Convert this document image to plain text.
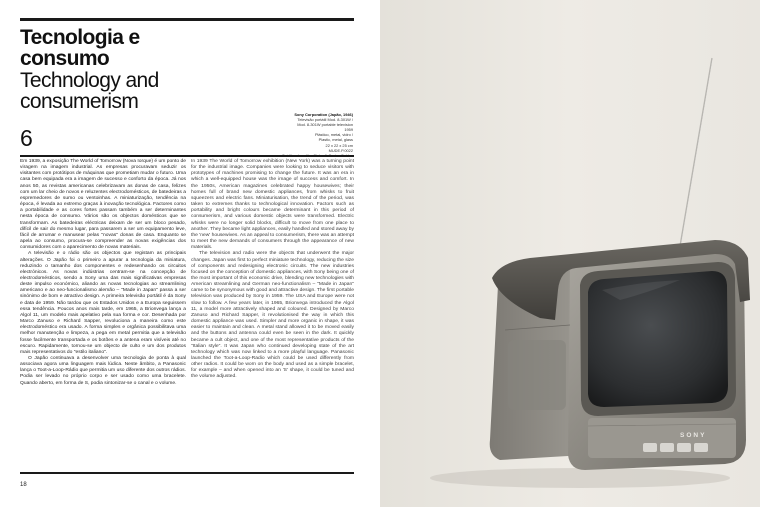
Tecnologia e consumo
Technology and consumerism
Sony Corporation (Japão, 1946)
Televisão portátil Mod. 8-301W /
Mod. 8-301W portable television
1959
Plástico, metal, vidro /
Plastic, metal, glass
22 x 22 x 25 cm
MUDE.P.0022
6

Em 1939, a exposição The World of Tomorrow (Nova Iorque) é um ponto de viragem na imagem industrial. As empresas procuravam seduzir os visitantes com protótipos de máquinas que prometiam mudar o futuro. Uma casa bem equipada era a imagem de sucesso e conforto da época. Já nos anos 50, as revistas americanas celebrizavam as donas de casa, felizes com um lar cheio de novos e reluzentes electrodomésticos, de batedeiras a espremedores de sumo ou ventoinhas. A miniaturização, tendência na época, é levada ao extremo graças à inovação tecnológica. Factores como a portabilidade e as cores fortes passam também a ser determinantes nesta época de consumo. Vários são os objectos domésticos que se transformam. As batedeiras eléctricas deixam de ser um bloco pesado, difícil de sair do mesmo lugar, para passarem a ser um equipamento leve, fácil de arrumar e manusear pelas "novas" donas de casa. Enquanto se apela ao consumo, procura-se compreender as novas exigências dos consumidores com o aparecimento de novas materiais.

A televisão e o rádio são os objectos que registam as principais alterações. O Japão foi o primeiro a apurar a tecnologia da miniatura, reduzindo o tamanho dos componentes e redesenhando os circuitos electrónicos. As novas indústrias centram-se na concepção de electrodomésticos, sendo a Sony uma das mais significativas empresas deste impulso económico, aliando as novas tecnologias ao streamlining americano e ao neo-funcionalismo alemão – "Made in Japan" passa a ser sinónimo de bom e atractivo design. A primeira televisão portátil é da Sony e data de 1959. Não tardou que os Estados Unidos e a Europa seguissem essa tendência. Poucos anos mais tarde, em 1965, a Brionvega lança a Algol 11, um modelo mais apelativo pela sua forma e cor. Desenhada por Marco Zanuso e Richard Sapper, revoluciona a maneira como este electrodoméstico era usado. A forma simples e orgânica possibilitava uma melhor manutenção e limpeza, a pega em metal permitia que a televisão fosse facilmente transportada e os botões e a antena eram visíveis até no escuro. Rapidamente, tornou-se um objecto de culto e um dos produtos mais representativos do "estilo italiano".

O Japão continuava a desenvolver uma tecnologia de ponta à qual associavа agora uma linguagem mais lúdica. Neste âmbito, a Panasonic lança o Toot-a-Loop-Rádio que permitia um uso diferente dos outros rádios. Podia ser levado no próprio corpo e ser usado como uma bracelete. Quando aberto, em forma de S, podia sintonizar-se o canal e o volume.

In 1939 The World of Tomorrow exhibition (New York) was a turning point for the industrial image. Companies were looking to seduce visitors with prototypes of machines promising to change the future. It was an era in which a well-equipped house was the image of success and comfort. In the 1950s, American magazines celebrated happy housewives; their homes full of brand new domestic appliances, from whisks to fruit squeezers and electric fans. Miniaturisation, the trend of the period, was taken to extremes thanks to technological innovation. Factors such as portability and bright colours became determinant in this period of consumerism, and various domestic objects were transformed. Electric whisks were no longer solid blocks, difficult to move from one place to another. They became light appliances, easily handled and stored away by the 'new' housewives. As an appeal to consumerism, there was an attempt to meet the new demands of consumers through the appearance of new materials.

The television and radio were the objects that underwent the major changes. Japan was first to perfect miniature technology, reducing the size of components and redesigning electronic circuits. The new industries focused on the conception of domestic appliances, with Sony being one of the most important of this economic drive, blending new technologies with American streamlining and German neo-functionalism – "Made in Japan" came to be synonymous with good and attractive design. The first portable television was produced by Sony in 1959. The USA and Europe were not slow to follow. A few years later, in 1965, Brionvega introduced the Algol 11, a model more attractively shaped and coloured. Designed by Marco Zanuso and Richard Sapper, it revolutionised the way in which this domestic appliance was used. Simpler and more organic in shape, it was easier to maintain and clean. A metal stand allowed it to be moved easily and the buttons and antenna could even be seen in the dark. It quickly became a cult object, and one of the most representative products of the "Italian style". It was Japan who continued developing state of the art technology which was now linked to a more playful language. Panasonic launched the Toot-a-Loop-Radio which could be used differently from other radios. It could be worn on the body and used as a simple bracelet, for example – and when opened into an 'S' shape, it could be tuned and the volume adjusted.

18
SONY
